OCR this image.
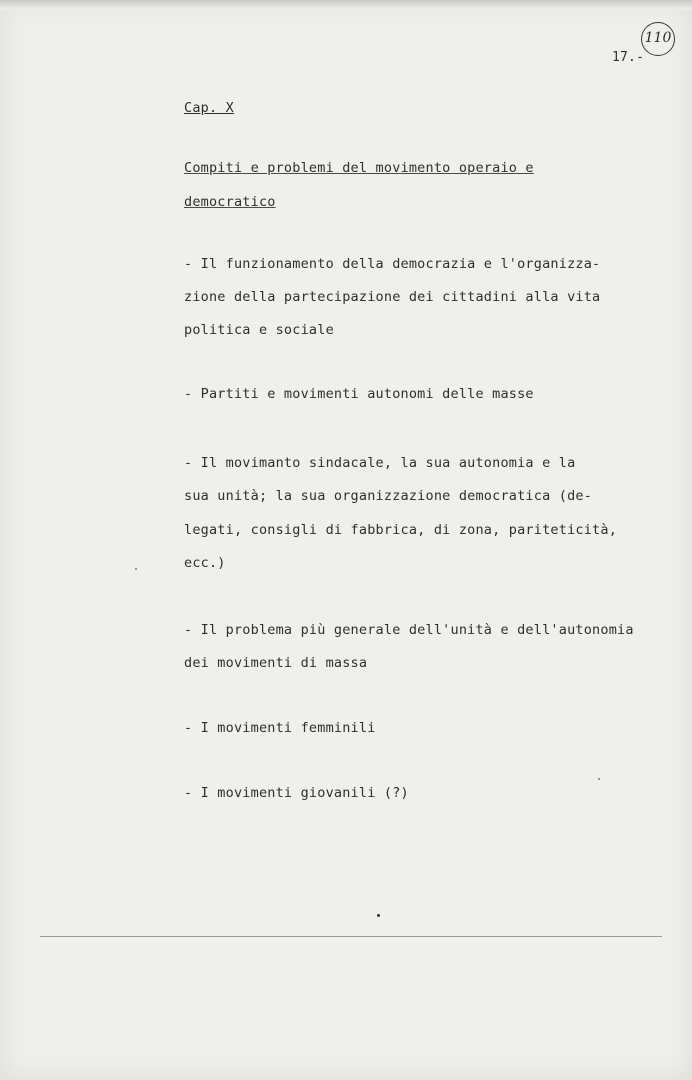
17.-
110
Cap. X
Compiti e problemi del movimento operaio e
democratico
- Il funzionamento della democrazia e l'organizza-
zione della partecipazione dei cittadini alla vita
politica e sociale
- Partiti e movimenti autonomi delle masse
- Il movimanto sindacale, la sua autonomia e la
sua unità; la sua organizzazione democratica (de-
legati, consigli di fabbrica, di zona, pariteticità,
ecc.)
- Il problema più generale dell'unità e dell'autonomia
dei movimenti di massa
- I movimenti femminili
- I movimenti giovanili (?)
